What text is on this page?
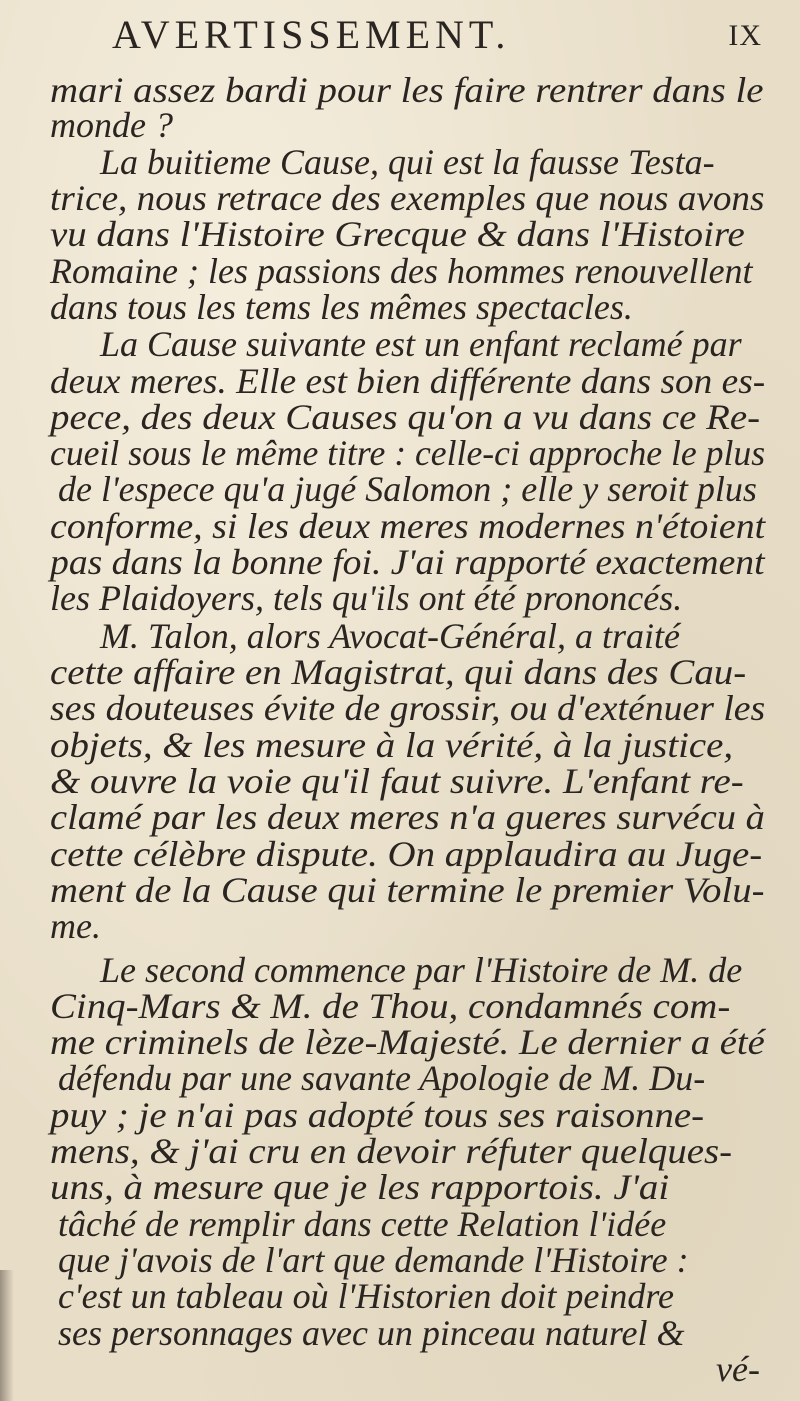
AVERTISSEMENT.	IX
mari assez bardi pour les faire rentrer dans le
monde ?
La buitieme Cause, qui est la fausse Testa-
trice, nous retrace des exemples que nous avons
vu dans l'Histoire Grecque & dans l'Histoire
Romaine ; les passions des hommes renouvellent
dans tous les tems les mêmes spectacles.
La Cause suivante est un enfant reclamé par
deux meres. Elle est bien différente dans son es-
pece, des deux Causes qu'on a vu dans ce Re-
cueil sous le même titre : celle-ci approche le plus
de l'espece qu'a jugé Salomon ; elle y seroit plus
conforme, si les deux meres modernes n'étoient
pas dans la bonne foi. J'ai rapporté exactement
les Plaidoyers, tels qu'ils ont été prononcés.
M. Talon, alors Avocat-Général, a traité
cette affaire en Magistrat, qui dans des Cau-
ses douteuses évite de grossir, ou d'exténuer les
objets, & les mesure à la vérité, à la justice,
& ouvre la voie qu'il faut suivre. L'enfant re-
clamé par les deux meres n'a gueres survécu à
cette célèbre dispute. On applaudira au Juge-
ment de la Cause qui termine le premier Volu-
me.
Le second commence par l'Histoire de M. de
Cinq-Mars & M. de Thou, condamnés com-
me criminels de lèze-Majesté. Le dernier a été
défendu par une savante Apologie de M. Du-
puy ; je n'ai pas adopté tous ses raisonne-
mens, & j'ai cru en devoir réfuter quelques-
uns, à mesure que je les rapportois. J'ai
tâché de remplir dans cette Relation l'idée
que j'avois de l'art que demande l'Histoire :
c'est un tableau où l'Historien doit peindre
ses personnages avec un pinceau naturel &
vé-
